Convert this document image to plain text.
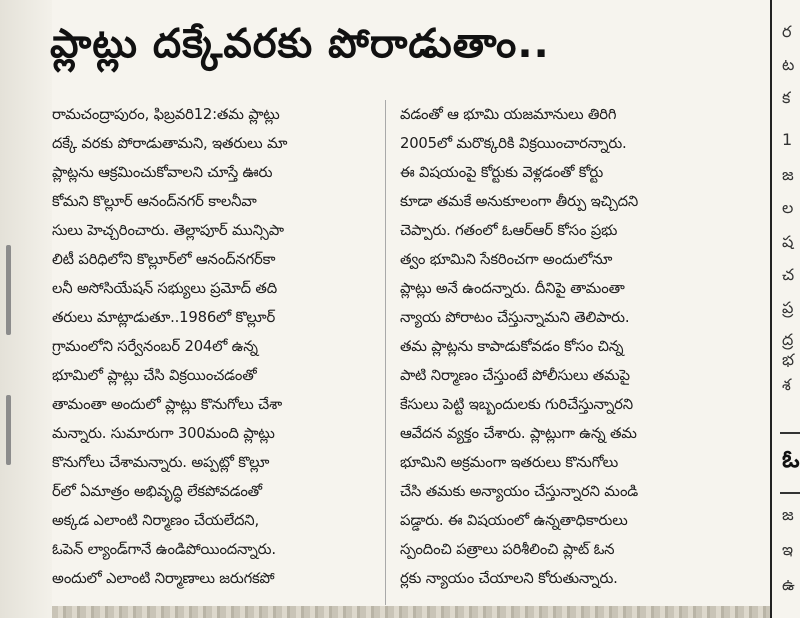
ప్లాట్లు దక్కేవరకు పోరాడుతాం..
రామచంద్రాపురం, ఫిబ్రవరి12:తమ ప్లాట్లు
దక్కే వరకు పోరాడుతామని, ఇతరులు మా
ప్లాట్లను ఆక్రమించుకోవాలని చూస్తే ఊరు
కోమని కొల్లూర్ ఆనంద్‌నగర్ కాలనీవా
సులు హెచ్చరించారు. తెల్లాపూర్ మున్సిపా
లిటీ పరిధిలోని కొల్లూర్‌లో ఆనంద్‌నగర్‌కా
లనీ అసోసియేషన్ సభ్యులు ప్రమోద్ తది
తరులు మాట్లాడుతూ..1986లో కొల్లూర్
గ్రామంలోని సర్వేనంబర్ 204లో ఉన్న
భూమిలో ప్లాట్లు చేసి విక్రయించడంతో
తామంతా అందులో ప్లాట్లు కొనుగోలు చేశా
మన్నారు. సుమారుగా 300మంది ప్లాట్లు
కొనుగోలు చేశామన్నారు. అప్పట్లో కొల్లూ
ర్‌లో ఏమాత్రం అభివృద్ధి లేకపోవడంతో
అక్కడ ఎలాంటి నిర్మాణం చేయలేదని,
ఓపెన్ ల్యాండ్‌గానే ఉండిపోయిందన్నారు.
అందులో ఎలాంటి నిర్మాణాలు జరుగకపో
వడంతో ఆ భూమి యజమానులు తిరిగి
2005లో మరొక్కరికి విక్రయించారన్నారు.
ఈ విషయంపై కోర్టుకు వెళ్లడంతో కోర్టు
కూడా తమకే అనుకూలంగా తీర్పు ఇచ్చిదని
చెప్పారు. గతంలో ఓఆర్‌ఆర్ కోసం ప్రభు
త్వం భూమిని సేకరించగా అందులోనూ
ప్లాట్లు అనే ఉందన్నారు. దీనిపై తామంతా
న్యాయ పోరాటం చేస్తున్నామని తెలిపారు.
తమ ప్లాట్లను కాపాడుకోవడం కోసం చిన్న
పాటి నిర్మాణం చేస్తుంటే పోలీసులు తమపై
కేసులు పెట్టి ఇబ్బందులకు గురిచేస్తున్నారని
ఆవేదన వ్యక్తం చేశారు. ప్లాట్లుగా ఉన్న తమ
భూమిని అక్రమంగా ఇతరులు కొనుగోలు
చేసి తమకు అన్యాయం చేస్తున్నారని మండి
పడ్డారు. ఈ విషయంలో ఉన్నతాధికారులు
స్పందించి పత్రాలు పరిశీలించి ప్లాట్ ఓన
ర్లకు న్యాయం చేయాలని కోరుతున్నారు.
ర
ట
క
1
జ
ల
ష
చ
ప్ర
ద్ర
భ
శ
ఓ
జ
ఇ
ఉ
